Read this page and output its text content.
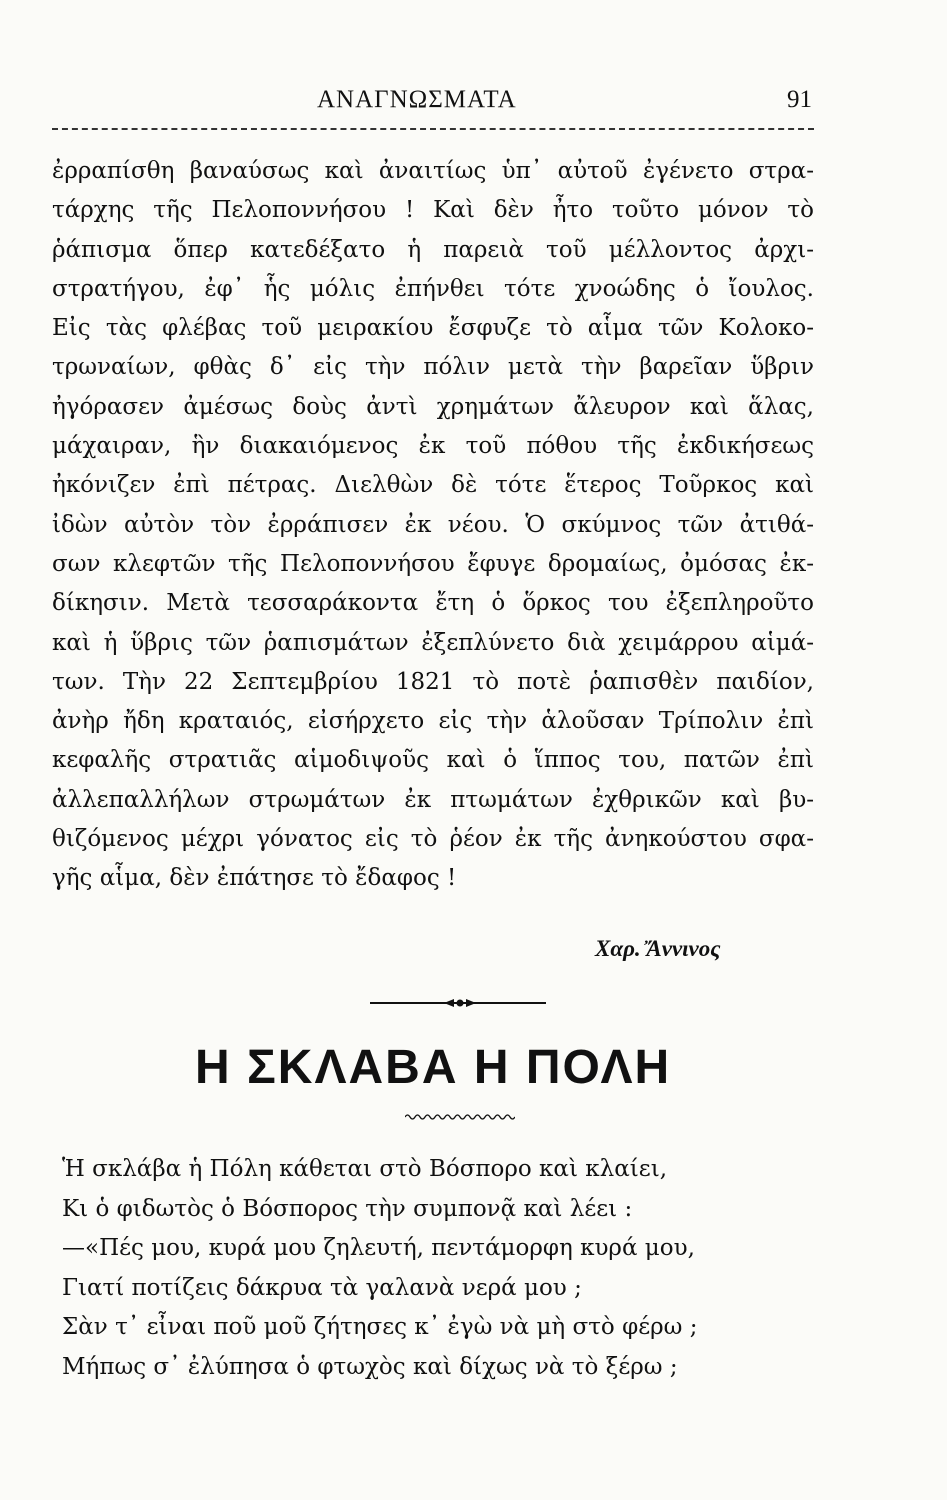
ΑΝΑΓΝΩΣΜΑΤΑ	91
ἐρραπίσθη βαναύσως καὶ ἀναιτίως ὑπ᾽ αὐτοῦ ἐγένετο στρα-
τάρχης τῆς Πελοποννήσου ! Καὶ δὲν ἦτο τοῦτο μόνον τὸ
ῥάπισμα ὅπερ κατεδέξατο ἡ παρειὰ τοῦ μέλλοντος ἀρχι-
στρατήγου, ἐφ᾽ ἧς μόλις ἐπήνθει τότε χνοώδης ὁ ἴουλος.
Εἰς τὰς φλέβας τοῦ μειρακίου ἔσφυζε τὸ αἷμα τῶν Κολοκο-
τρωναίων, φθὰς δ᾽ εἰς τὴν πόλιν μετὰ τὴν βαρεῖαν ὕβριν
ἠγόρασεν ἀμέσως δοὺς ἀντὶ χρημάτων ἄλευρον καὶ ἅλας,
μάχαιραν, ἣν διακαιόμενος ἐκ τοῦ πόθου τῆς ἐκδικήσεως
ἠκόνιζεν ἐπὶ πέτρας. Διελθὼν δὲ τότε ἕτερος Τοῦρκος καὶ
ἰδὼν αὐτὸν τὸν ἐρράπισεν ἐκ νέου. Ὁ σκύμνος τῶν ἀτιθά-
σων κλεφτῶν τῆς Πελοποννήσου ἔφυγε δρομαίως, ὀμόσας ἐκ-
δίκησιν. Μετὰ τεσσαράκοντα ἔτη ὁ ὅρκος του ἐξεπληροῦτο
καὶ ἡ ὕβρις τῶν ῥαπισμάτων ἐξεπλύνετο διὰ χειμάρρου αἱμά-
των. Τὴν 22 Σεπτεμβρίου 1821 τὸ ποτὲ ῥαπισθὲν παιδίον,
ἀνὴρ ἤδη κραταιός, εἰσήρχετο εἰς τὴν ἁλοῦσαν Τρίπολιν ἐπὶ
κεφαλῆς στρατιᾶς αἱμοδιψοῦς καὶ ὁ ἵππος του, πατῶν ἐπὶ
ἀλλεπαλλήλων στρωμάτων ἐκ πτωμάτων ἐχθρικῶν καὶ βυ-
θιζόμενος μέχρι γόνατος εἰς τὸ ῥέον ἐκ τῆς ἀνηκούστου σφα-
γῆς αἷμα, δὲν ἐπάτησε τὸ ἔδαφος !
Χαρ. Ἄννινος
Η ΣΚΛΑΒΑ Η ΠΟΛΗ
Ἡ σκλάβα ἡ Πόλη κάθεται στὸ Βόσπορο καὶ κλαίει,
Κι ὁ φιδωτὸς ὁ Βόσπορος τὴν συμπονᾷ καὶ λέει :
—«Πές μου, κυρά μου ζηλευτή, πεντάμορφη κυρά μου,
Γιατί ποτίζεις δάκρυα τὰ γαλανὰ νερά μου ;
Σὰν τ᾽ εἶναι ποῦ μοῦ ζήτησες κ᾽ ἐγὼ νὰ μὴ στὸ φέρω ;
Μήπως σ᾽ ἐλύπησα ὁ φτωχὸς καὶ δίχως νὰ τὸ ξέρω ;
